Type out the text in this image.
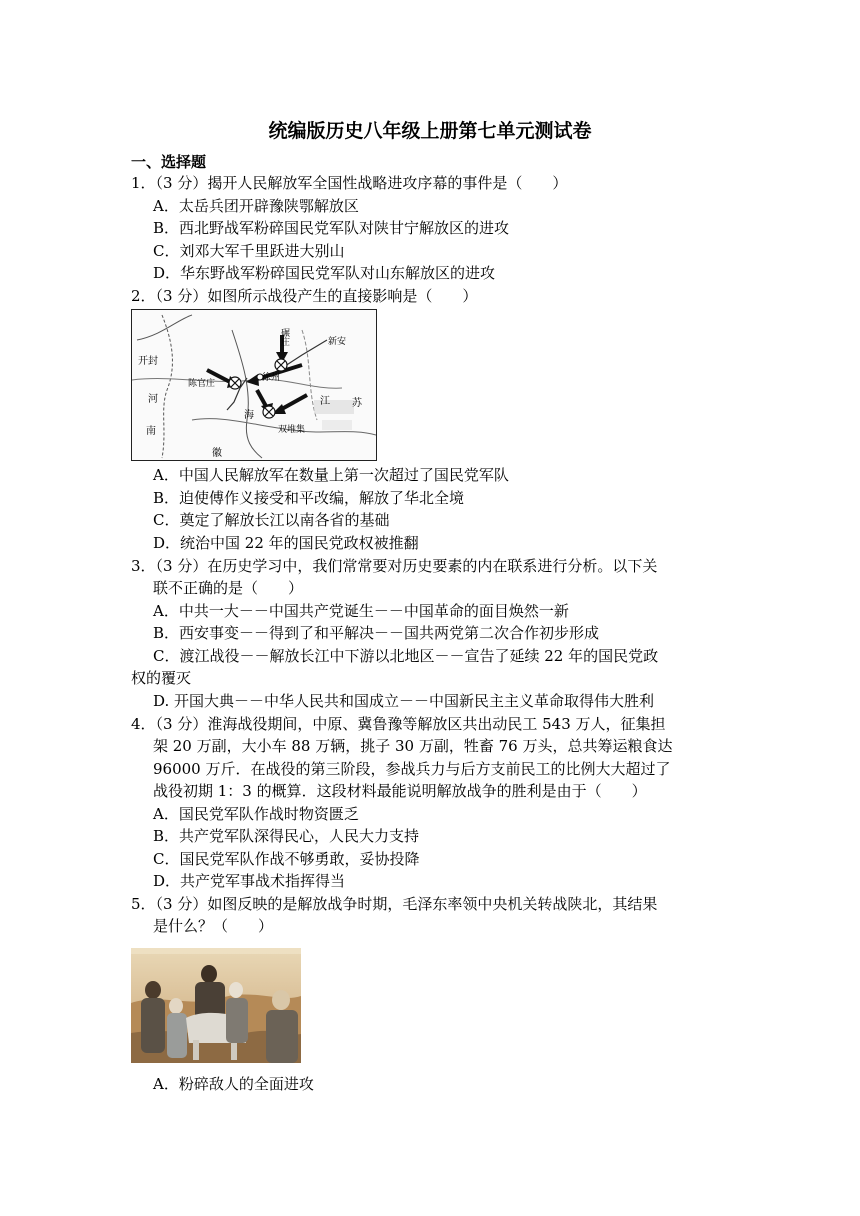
统编版历史八年级上册第七单元测试卷
一、选择题
1．（3 分）揭开人民解放军全国性战略进攻序幕的事件是（　　）
A．太岳兵团开辟豫陕鄂解放区
B．西北野战军粉碎国民党军队对陕甘宁解放区的进攻
C．刘邓大军千里跃进大别山
D．华东野战军粉碎国民党军队对山东解放区的进攻
2．（3 分）如图所示战役产生的直接影响是（　　）
开封
河
南
碾庄
徐州
陈官庄
双堆集
江 苏
新安
海
徽
A．中国人民解放军在数量上第一次超过了国民党军队
B．迫使傅作义接受和平改编，解放了华北全境
C．奠定了解放长江以南各省的基础
D．统治中国 22 年的国民党政权被推翻
3．（3 分）在历史学习中，我们常常要对历史要素的内在联系进行分析。以下关
联不正确的是（　　）
A．中共一大－－中国共产党诞生－－中国革命的面目焕然一新
B．西安事变－－得到了和平解决－－国共两党第二次合作初步形成
C．渡江战役－－解放长江中下游以北地区－－宣告了延续 22 年的国民党政
权的覆灭
D. 开国大典－－中华人民共和国成立－－中国新民主主义革命取得伟大胜利
4．（3 分）淮海战役期间，中原、冀鲁豫等解放区共出动民工 543 万人，征集担
架 20 万副，大小车 88 万辆，挑子 30 万副，牲畜 76 万头，总共筹运粮食达
96000 万斤．在战役的第三阶段，参战兵力与后方支前民工的比例大大超过了
战役初期 1：3 的概算．这段材料最能说明解放战争的胜利是由于（　　）
A．国民党军队作战时物资匮乏
B．共产党军队深得民心，人民大力支持
C．国民党军队作战不够勇敢，妥协投降
D．共产党军事战术指挥得当
5．（3 分）如图反映的是解放战争时期，毛泽东率领中央机关转战陕北，其结果
是什么？（　　）
A．粉碎敌人的全面进攻
